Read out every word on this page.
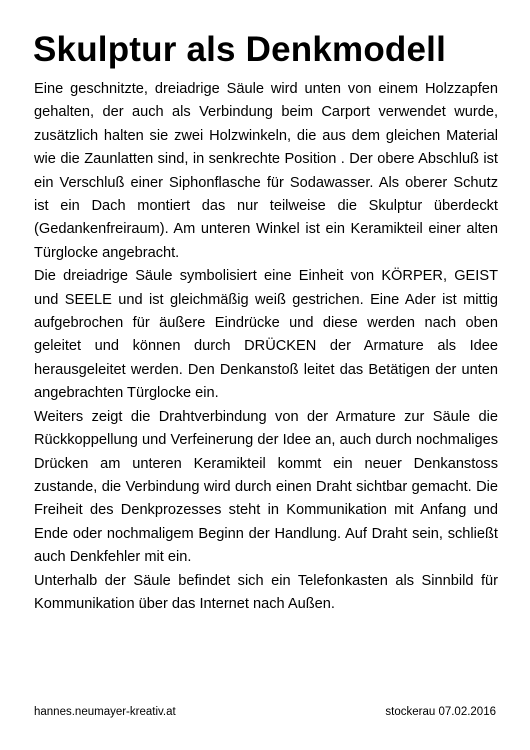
Skulptur als Denkmodell

Eine geschnitzte, dreiadrige Säule wird unten von einem Holzzapfen gehalten, der auch als Verbindung beim Carport verwendet wurde, zusätzlich halten sie zwei Holzwinkeln, die aus dem gleichen Material wie die Zaunlatten sind, in senkrechte Position . Der obere Abschluß ist ein Verschluß einer Siphonflasche für Sodawasser. Als oberer Schutz ist ein Dach montiert das nur teilweise die Skulptur überdeckt (Gedankenfreiraum). Am unteren Winkel ist ein Keramikteil einer alten Türglocke angebracht.

Die dreiadrige Säule symbolisiert eine Einheit von KÖRPER, GEIST und SEELE und ist gleichmäßig weiß gestrichen. Eine Ader ist mittig aufgebrochen für äußere Eindrücke und diese werden nach oben geleitet und können durch DRÜCKEN der Armature als Idee herausgeleitet werden. Den Denkanstoß leitet das Betätigen der unten angebrachten Türglocke ein.

Weiters zeigt die Drahtverbindung von der Armature zur Säule die Rückkoppellung und Verfeinerung der Idee an, auch durch nochmaliges Drücken am unteren Keramikteil kommt ein neuer Denkanstoss zustande, die Verbindung wird durch einen Draht sichtbar gemacht. Die Freiheit des Denkprozesses steht in Kommunikation mit Anfang und Ende oder nochmaligem Beginn der Handlung. Auf Draht sein, schließt auch Denkfehler mit ein.

Unterhalb der Säule befindet sich ein Telefonkasten als Sinnbild für Kommunikation über das Internet nach Außen.

hannes.neumayer-kreativ.at	stockerau 07.02.2016
